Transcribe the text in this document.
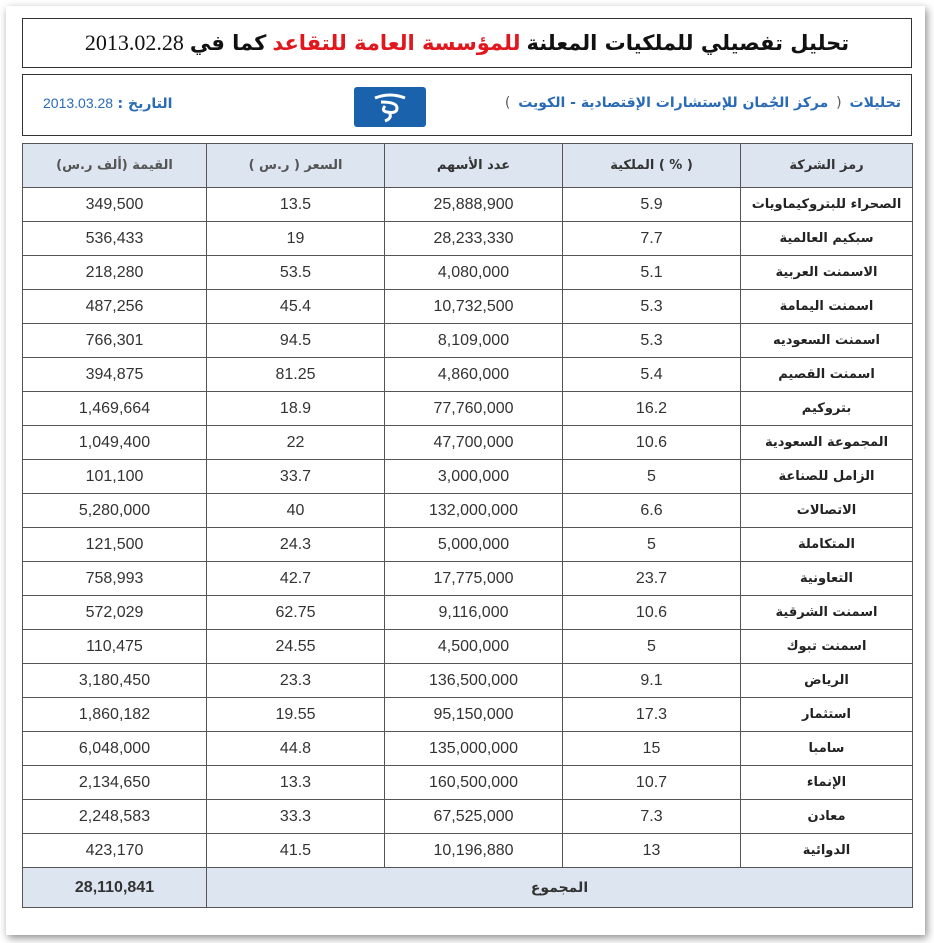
تحليل تفصيلي للملكيات المعلنة
للمؤسسة العامة للتقاعد
كما في
2013.02.28
تحليلات ( مركز الجُمان للإستشارات الإقتصادية - الكويت )
التاريخ : 2013.03.28
القيمة (ألف ر.س)	السعر ( ر.س )	عدد الأسهم	الملكية ( % )	رمز الشركة
349,500	13.5	25,888,900	5.9	الصحراء للبتروكيماويات
536,433	19	28,233,330	7.7	سبكيم العالمية
218,280	53.5	4,080,000	5.1	الاسمنت العربية
487,256	45.4	10,732,500	5.3	اسمنت اليمامة
766,301	94.5	8,109,000	5.3	اسمنت السعوديه
394,875	81.25	4,860,000	5.4	اسمنت القصيم
1,469,664	18.9	77,760,000	16.2	بتروكيم
1,049,400	22	47,700,000	10.6	المجموعة السعودية
101,100	33.7	3,000,000	5	الزامل للصناعة
5,280,000	40	132,000,000	6.6	الاتصالات
121,500	24.3	5,000,000	5	المتكاملة
758,993	42.7	17,775,000	23.7	التعاونية
572,029	62.75	9,116,000	10.6	اسمنت الشرقية
110,475	24.55	4,500,000	5	اسمنت تبوك
3,180,450	23.3	136,500,000	9.1	الرياض
1,860,182	19.55	95,150,000	17.3	استثمار
6,048,000	44.8	135,000,000	15	سامبا
2,134,650	13.3	160,500,000	10.7	الإنماء
2,248,583	33.3	67,525,000	7.3	معادن
423,170	41.5	10,196,880	13	الدوائية
28,110,841	المجموع			
